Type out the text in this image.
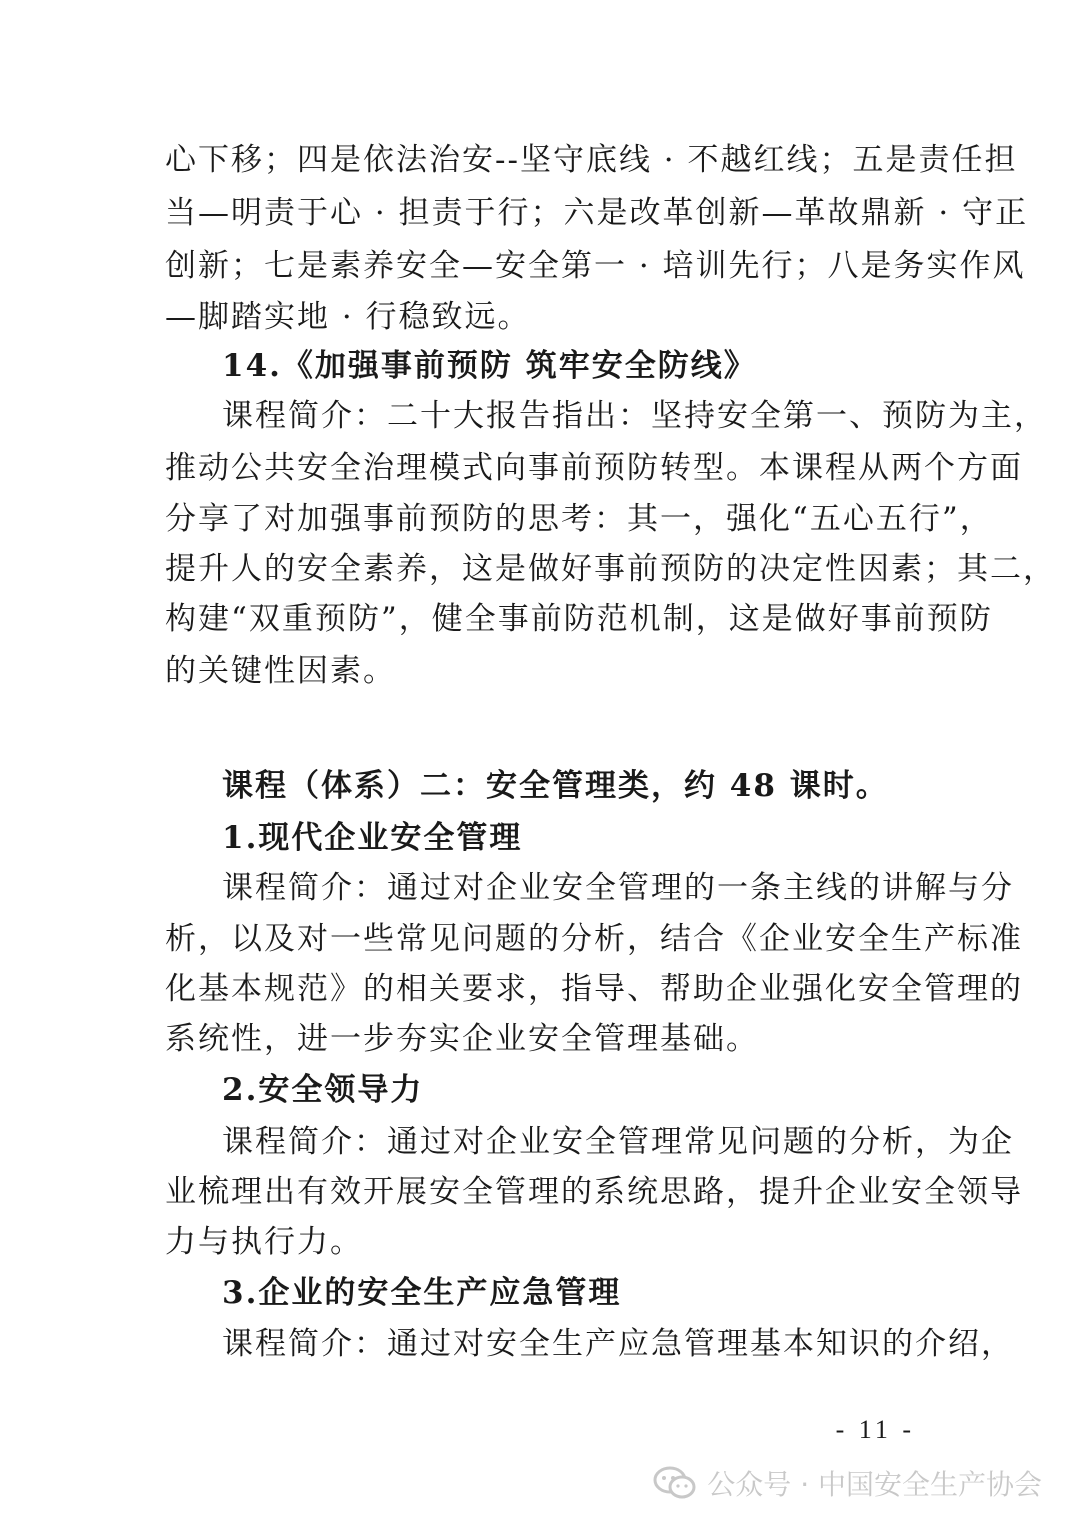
心下移；四是依法治安--坚守底线 · 不越红线；五是责任担
当—明责于心 · 担责于行；六是改革创新—革故鼎新 · 守正
创新；七是素养安全—安全第一 · 培训先行；八是务实作风
—脚踏实地 · 行稳致远。
14.《加强事前预防 筑牢安全防线》
课程简介：二十大报告指出：坚持安全第一、预防为主，
推动公共安全治理模式向事前预防转型。本课程从两个方面
分享了对加强事前预防的思考：其一，强化“五心五行”，
提升人的安全素养，这是做好事前预防的决定性因素；其二，
构建“双重预防”，健全事前防范机制，这是做好事前预防
的关键性因素。
课程（体系）二：安全管理类，约 48 课时。
1.现代企业安全管理
课程简介：通过对企业安全管理的一条主线的讲解与分
析，以及对一些常见问题的分析，结合《企业安全生产标准
化基本规范》的相关要求，指导、帮助企业强化安全管理的
系统性，进一步夯实企业安全管理基础。
2.安全领导力
课程简介：通过对企业安全管理常见问题的分析，为企
业梳理出有效开展安全管理的系统思路，提升企业安全领导
力与执行力。
3.企业的安全生产应急管理
课程简介：通过对安全生产应急管理基本知识的介绍，
- 11 -
公众号 · 中国安全生产协会
